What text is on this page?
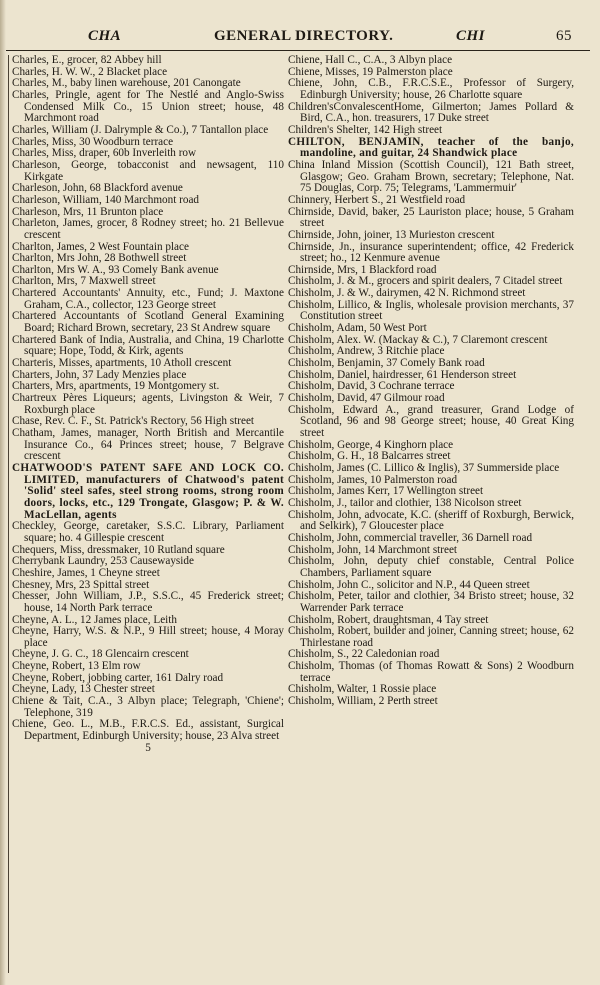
CHA	GENERAL DIRECTORY.	CHI	65

Charles, E., grocer, 82 Abbey hill

Charles, H. W. W., 2 Blacket place

Charles, M., baby linen warehouse, 201 Canongate

Charles, Pringle, agent for The Nestlé and Anglo-Swiss Condensed Milk Co., 15 Union street; house, 48 Marchmont road

Charles, William (J. Dalrymple & Co.), 7 Tantallon place

Charles, Miss, 30 Woodburn terrace

Charles, Miss, draper, 60b Inverleith row

Charleson, George, tobacconist and newsagent, 110 Kirkgate

Charleson, John, 68 Blackford avenue

Charleson, William, 140 Marchmont road

Charleson, Mrs, 11 Brunton place

Charleton, James, grocer, 8 Rodney street; ho. 21 Bellevue crescent

Charlton, James, 2 West Fountain place

Charlton, Mrs John, 28 Bothwell street

Charlton, Mrs W. A., 93 Comely Bank avenue

Charlton, Mrs, 7 Maxwell street

Chartered Accountants' Annuity, etc., Fund; J. Maxtone Graham, C.A., collector, 123 George street

Chartered Accountants of Scotland General Examining Board; Richard Brown, secretary, 23 St Andrew square

Chartered Bank of India, Australia, and China, 19 Charlotte square; Hope, Todd, & Kirk, agents

Charteris, Misses, apartments, 10 Atholl crescent

Charters, John, 37 Lady Menzies place

Charters, Mrs, apartments, 19 Montgomery st.

Chartreux Pères Liqueurs; agents, Livingston & Weir, 7 Roxburgh place

Chase, Rev. C. F., St. Patrick's Rectory, 56 High street

Chatham, James, manager, North British and Mercantile Insurance Co., 64 Princes street; house, 7 Belgrave crescent

CHATWOOD'S PATENT SAFE AND LOCK CO. LIMITED, manufacturers of Chatwood's patent 'Solid' steel safes, steel strong rooms, strong room doors, locks, etc., 129 Trongate, Glasgow; P. & W. MacLellan, agents

Checkley, George, caretaker, S.S.C. Library, Parliament square; ho. 4 Gillespie crescent

Chequers, Miss, dressmaker, 10 Rutland square

Cherrybank Laundry, 253 Causewayside

Cheshire, James, 1 Cheyne street

Chesney, Mrs, 23 Spittal street

Chesser, John William, J.P., S.S.C., 45 Frederick street; house, 14 North Park terrace

Cheyne, A. L., 12 James place, Leith

Cheyne, Harry, W.S. & N.P., 9 Hill street; house, 4 Moray place

Cheyne, J. G. C., 18 Glencairn crescent

Cheyne, Robert, 13 Elm row

Cheyne, Robert, jobbing carter, 161 Dalry road

Cheyne, Lady, 13 Chester street

Chiene & Tait, C.A., 3 Albyn place; Telegraph, 'Chiene'; Telephone, 319

Chiene, Geo. L., M.B., F.R.C.S. Ed., assistant, Surgical Department, Edinburgh University; house, 23 Alva street

5

Chiene, Hall C., C.A., 3 Albyn place

Chiene, Misses, 19 Palmerston place

Chiene, John, C.B., F.R.C.S.E., Professor of Surgery, Edinburgh University; house, 26 Charlotte square

Children'sConvalescentHome, Gilmerton; James Pollard & Bird, C.A., hon. treasurers, 17 Duke street

Children's Shelter, 142 High street

CHILTON, BENJAMIN, teacher of the banjo, mandoline, and guitar, 24 Shandwick place

China Inland Mission (Scottish Council), 121 Bath street, Glasgow; Geo. Graham Brown, secretary; Telephone, Nat. 75 Douglas, Corp. 75; Telegrams, 'Lammermuir'

Chinnery, Herbert S., 21 Westfield road

Chirnside, David, baker, 25 Lauriston place; house, 5 Graham street

Chirnside, John, joiner, 13 Murieston crescent

Chirnside, Jn., insurance superintendent; office, 42 Frederick street; ho., 12 Kenmure avenue

Chirnside, Mrs, 1 Blackford road

Chisholm, J. & M., grocers and spirit dealers, 7 Citadel street

Chisholm, J. & W., dairymen, 42 N. Richmond street

Chisholm, Lillico, & Inglis, wholesale provision merchants, 37 Constitution street

Chisholm, Adam, 50 West Port

Chisholm, Alex. W. (Mackay & C.), 7 Claremont crescent

Chisholm, Andrew, 3 Ritchie place

Chisholm, Benjamin, 37 Comely Bank road

Chisholm, Daniel, hairdresser, 61 Henderson street

Chisholm, David, 3 Cochrane terrace

Chisholm, David, 47 Gilmour road

Chisholm, Edward A., grand treasurer, Grand Lodge of Scotland, 96 and 98 George street; house, 40 Great King street

Chisholm, George, 4 Kinghorn place

Chisholm, G. H., 18 Balcarres street

Chisholm, James (C. Lillico & Inglis), 37 Summerside place

Chisholm, James, 10 Palmerston road

Chisholm, James Kerr, 17 Wellington street

Chisholm, J., tailor and clothier, 138 Nicolson street

Chisholm, John, advocate, K.C. (sheriff of Roxburgh, Berwick, and Selkirk), 7 Gloucester place

Chisholm, John, commercial traveller, 36 Darnell road

Chisholm, John, 14 Marchmont street

Chisholm, John, deputy chief constable, Central Police Chambers, Parliament square

Chisholm, John C., solicitor and N.P., 44 Queen street

Chisholm, Peter, tailor and clothier, 34 Bristo street; house, 32 Warrender Park terrace

Chisholm, Robert, draughtsman, 4 Tay street

Chisholm, Robert, builder and joiner, Canning street; house, 62 Thirlestane road

Chisholm, S., 22 Caledonian road

Chisholm, Thomas (of Thomas Rowatt & Sons) 2 Woodburn terrace

Chisholm, Walter, 1 Rossie place

Chisholm, William, 2 Perth street
